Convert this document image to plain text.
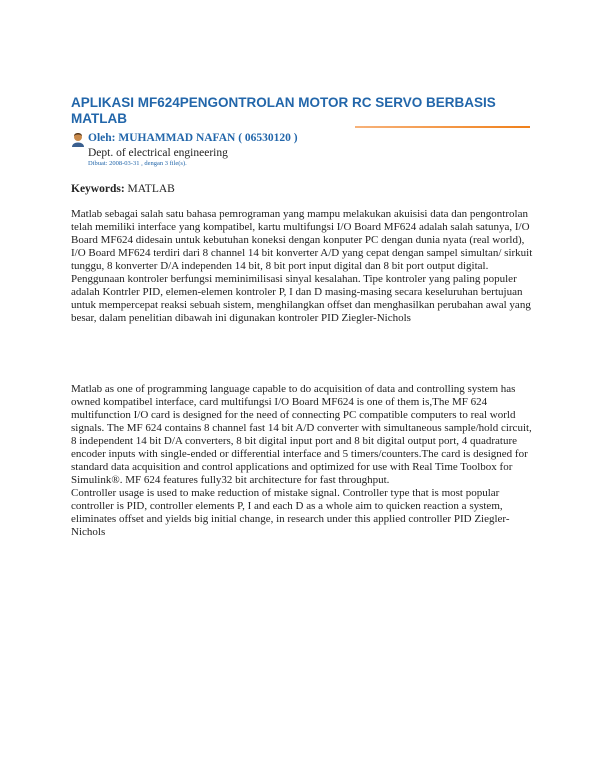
APLIKASI MF624PENGONTROLAN MOTOR RC SERVO BERBASIS MATLAB
Oleh: MUHAMMAD NAFAN ( 06530120 )
Dept. of electrical engineering
Dibuat: 2008-03-31 , dengan 3 file(s).
Keywords: MATLAB

Matlab sebagai salah satu bahasa pemrograman yang mampu melakukan akuisisi data dan pengontrolan telah memiliki interface yang kompatibel, kartu multifungsi I/O Board MF624 adalah salah satunya, I/O Board MF624 didesain untuk kebutuhan koneksi dengan konputer PC dengan dunia nyata (real world), I/O Board MF624 terdiri dari 8 channel 14 bit konverter A/D yang cepat dengan sampel simultan/ sirkuit tunggu, 8 konverter D/A independen 14 bit, 8 bit port input digital dan 8 bit port output digital.

Penggunaan kontroler berfungsi meminimilisasi sinyal kesalahan. Tipe kontroler yang paling populer adalah Kontrler PID, elemen-elemen kontroler P, I dan D masing-masing secara keseluruhan bertujuan untuk mempercepat reaksi sebuah sistem, menghilangkan offset dan menghasilkan perubahan awal yang besar, dalam penelitian dibawah ini digunakan kontroler PID Ziegler-Nichols

Matlab as one of programming language capable to do acquisition of data and controlling system has owned kompatibel interface, card multifungsi I/O Board MF624 is one of them is,The MF 624 multifunction I/O card is designed for the need of connecting PC compatible computers to real world signals. The MF 624 contains 8 channel fast 14 bit A/D converter with simultaneous sample/hold circuit, 8 independent 14 bit D/A converters, 8 bit digital input port and 8 bit digital output port, 4 quadrature encoder inputs with single-ended or differential interface and 5 timers/counters.The card is designed for standard data acquisition and control applications and optimized for use with Real Time Toolbox for Simulink®. MF 624 features fully32 bit architecture for fast throughput.

Controller usage is used to make reduction of mistake signal. Controller type that is most popular controller is PID, controller elements P, I and each D as a whole aim to quicken reaction a system, eliminates offset and yields big initial change, in research under this applied controller PID Ziegler-Nichols
